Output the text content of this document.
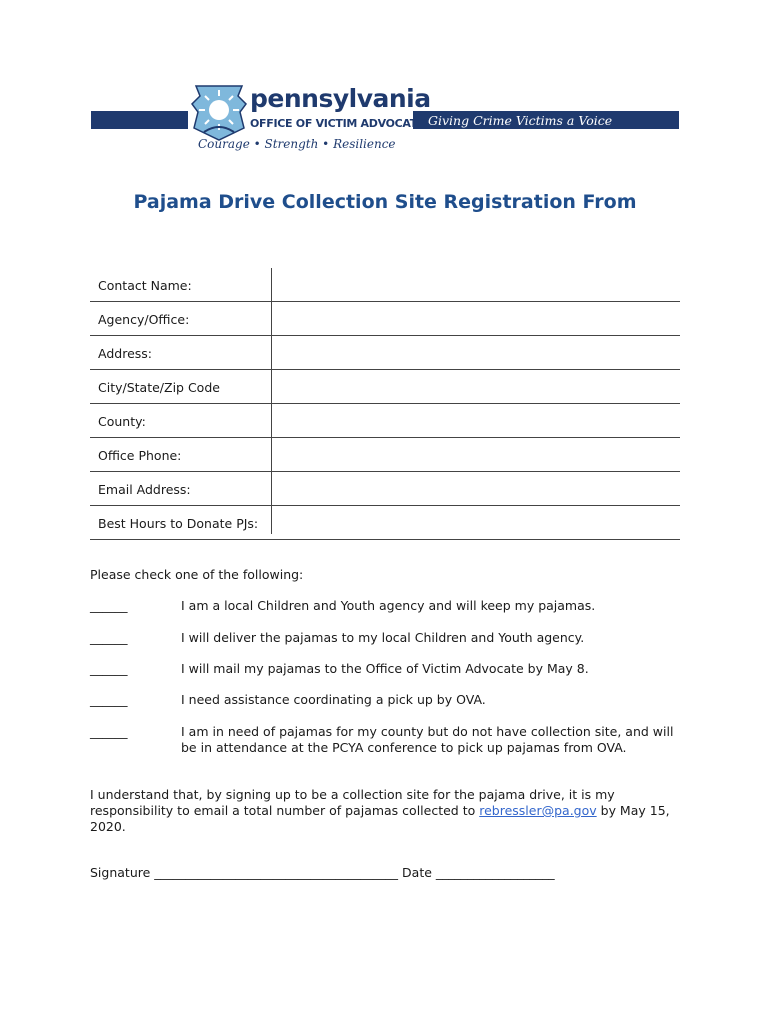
Giving Crime Victims a Voice
pennsylvania
OFFICE OF VICTIM ADVOCATE
Courage • Strength • Resilience
Pajama Drive Collection Site Registration From
Contact Name:
Agency/Office:
Address:
City/State/Zip Code
County:
Office Phone:
Email Address:
Best Hours to Donate PJs:
Please check one of the following:
______	I am a local Children and Youth agency and will keep my pajamas.
______	I will deliver the pajamas to my local Children and Youth agency.
______	I will mail my pajamas to the Office of Victim Advocate by May 8.
______	I need assistance coordinating a pick up by OVA.
______	I am in need of pajamas for my county but do not have collection site, and will be in attendance at the PCYA conference to pick up pajamas from OVA.
I understand that, by signing up to be a collection site for the pajama drive, it is my responsibility to email a total number of pajamas collected to rebressler@pa.gov by May 15, 2020.
Signature _______________________________________ Date ___________________
